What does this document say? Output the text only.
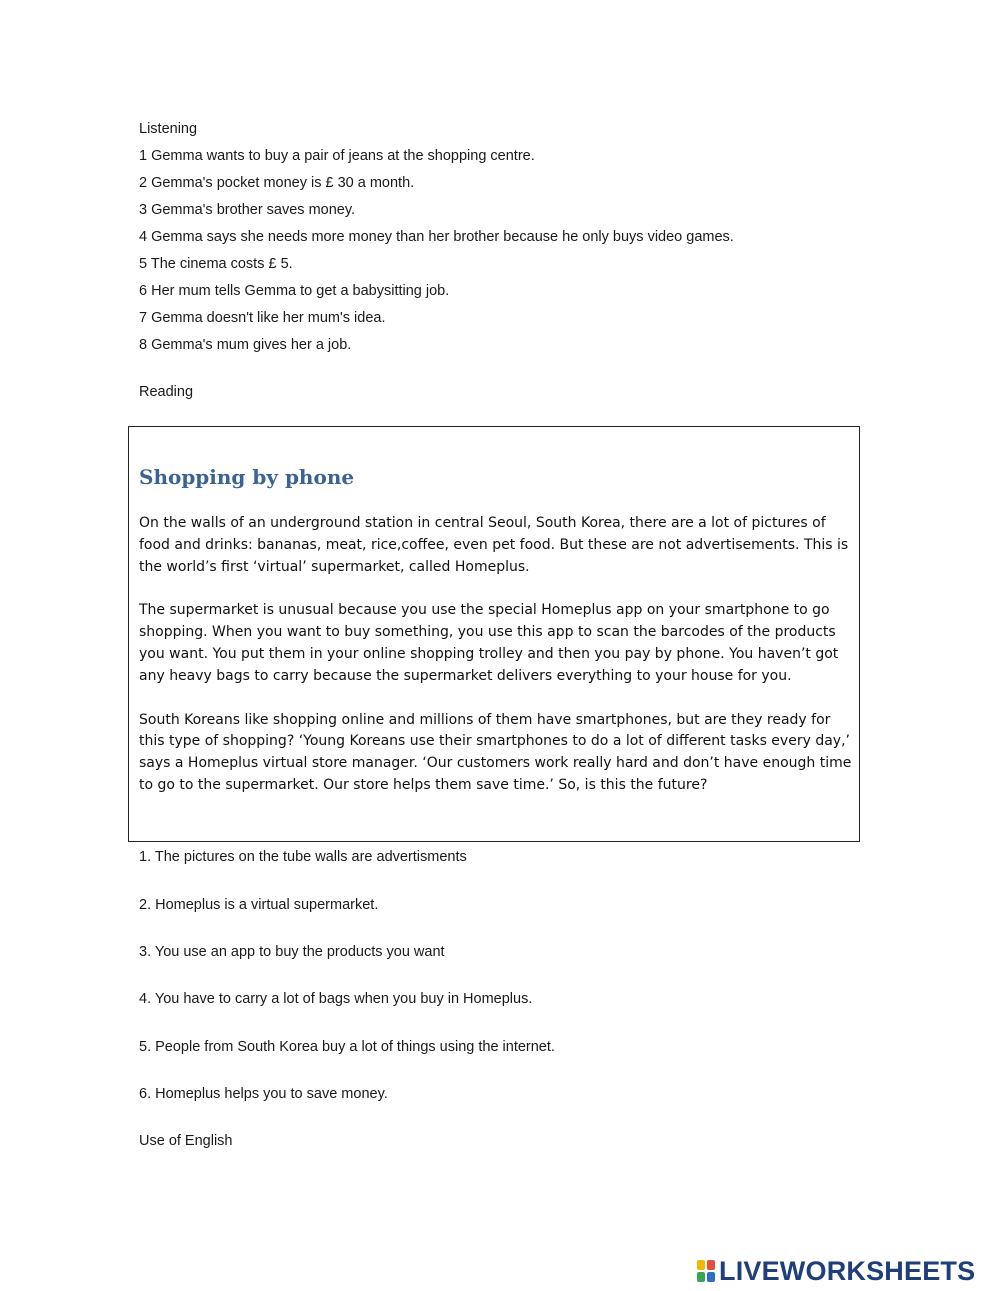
Listening
1 Gemma wants to buy a pair of jeans at the shopping centre.
2 Gemma's pocket money is £ 30 a month.
3 Gemma's brother saves money.
4 Gemma says she needs more money than her brother because he only buys video games.
5 The cinema costs £ 5.
6 Her mum tells Gemma to get a babysitting job.
7 Gemma doesn't like her mum's idea.
8 Gemma's mum gives her a job.
Reading
Shopping by phone

On the walls of an underground station in central Seoul, South Korea, there are a lot of pictures of food and drinks: bananas, meat, rice,coffee, even pet food. But these are not advertisements. This is the world’s first ‘virtual’ supermarket, called Homeplus.

The supermarket is unusual because you use the special Homeplus app on your smartphone to go shopping. When you want to buy something, you use this app to scan the barcodes of the products you want. You put them in your online shopping trolley and then you pay by phone. You haven’t got any heavy bags to carry because the supermarket delivers everything to your house for you.

South Koreans like shopping online and millions of them have smartphones, but are they ready for this type of shopping? ‘Young Koreans use their smartphones to do a lot of different tasks every day,’ says a Homeplus virtual store manager. ‘Our customers work really hard and don’t have enough time to go to the supermarket. Our store helps them save time.’ So, is this the future?

1. The pictures on the tube walls are advertisments
2. Homeplus is a virtual supermarket.
3. You use an app to buy the products you want
4. You have to carry a lot of bags when you buy in Homeplus.
5. People from South Korea buy a lot of things using the internet.
6. Homeplus helps you to save money.
Use of English
LIVEWORKSHEETS
